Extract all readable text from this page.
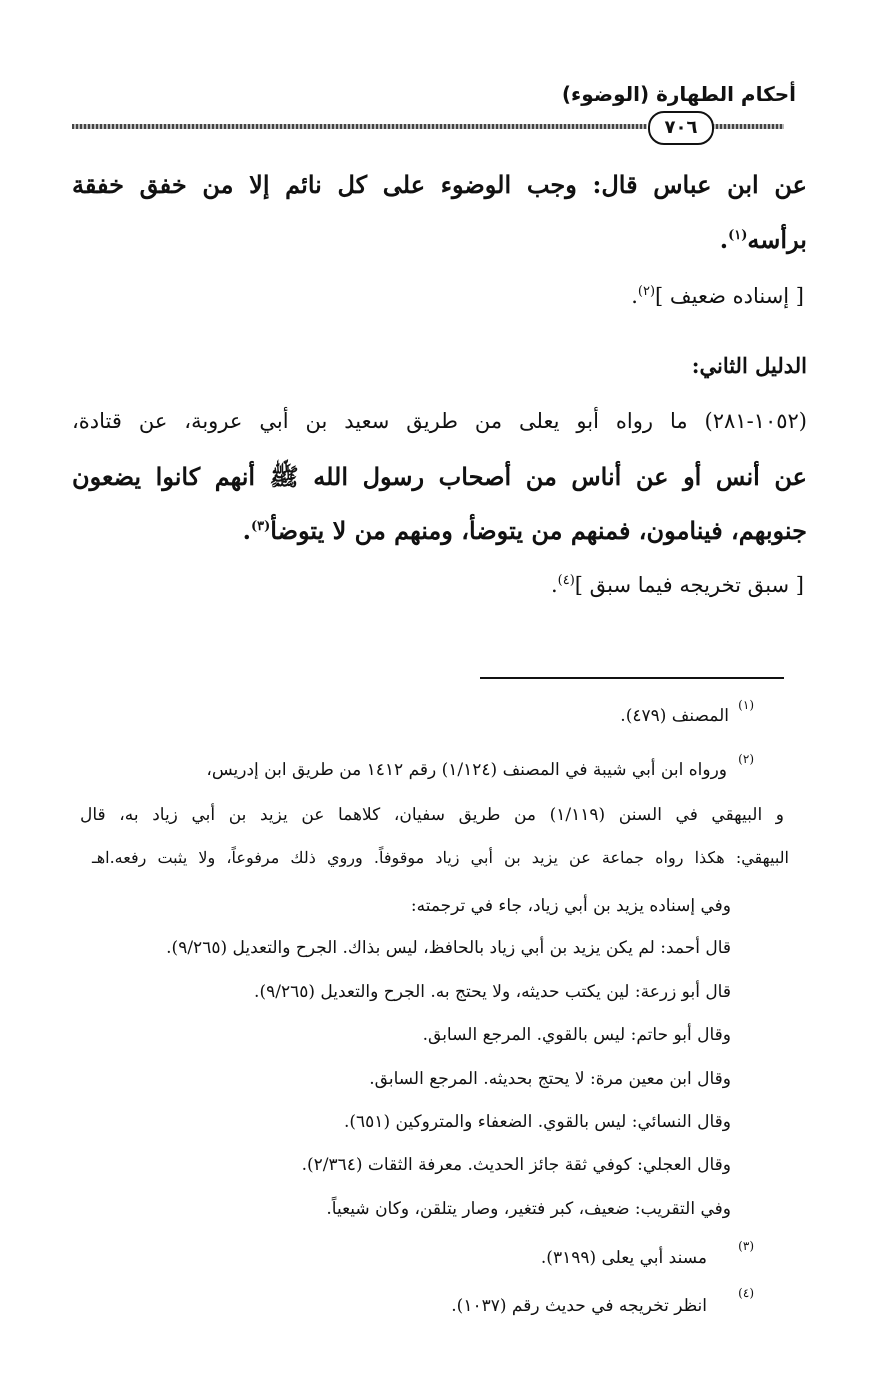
أحكام الطهارة (الوضوء)
٧٠٦
عن ابن عباس قال: وجب الوضوء على كل نائم إلا من خفق خفقة
برأسه$^{(١)}$.
[ إسناده ضعيف ]$^{(٢)}$.
الدليل الثاني:
(١٠٥٢-٢٨١) ما رواه أبو يعلى من طريق سعيد بن أبي عروبة، عن قتادة،
عن أنس أو عن أناس من أصحاب رسول الله ﷺ أنهم كانوا يضعون
جنوبهم، فينامون، فمنهم من يتوضأ، ومنهم من لا يتوضأ$^{(٣)}$.
[ سبق تخريجه فيما سبق ]$^{(٤)}$.
(١)
المصنف (٤٧٩).
(٢)
ورواه ابن أبي شيبة في المصنف (١/١٢٤) رقم ١٤١٢ من طريق ابن إدريس،
و البيهقي في السنن (١/١١٩) من طريق سفيان، كلاهما عن يزيد بن أبي زياد به، قال
البيهقي: هكذا رواه جماعة عن يزيد بن أبي زياد موقوفاً. وروي ذلك مرفوعاً، ولا يثبت رفعه.اهـ
وفي إسناده يزيد بن أبي زياد، جاء في ترجمته:
قال أحمد: لم يكن يزيد بن أبي زياد بالحافظ، ليس بذاك. الجرح والتعديل (٩/٢٦٥).
قال أبو زرعة: لين يكتب حديثه، ولا يحتج به. الجرح والتعديل (٩/٢٦٥).
وقال أبو حاتم: ليس بالقوي. المرجع السابق.
وقال ابن معين مرة: لا يحتج بحديثه. المرجع السابق.
وقال النسائي: ليس بالقوي. الضعفاء والمتروكين (٦٥١).
وقال العجلي: كوفي ثقة جائز الحديث. معرفة الثقات (٢/٣٦٤).
وفي التقريب: ضعيف، كبر فتغير، وصار يتلقن، وكان شيعياً.
(٣)
مسند أبي يعلى (٣١٩٩).
(٤)
انظر تخريجه في حديث رقم (١٠٣٧).
